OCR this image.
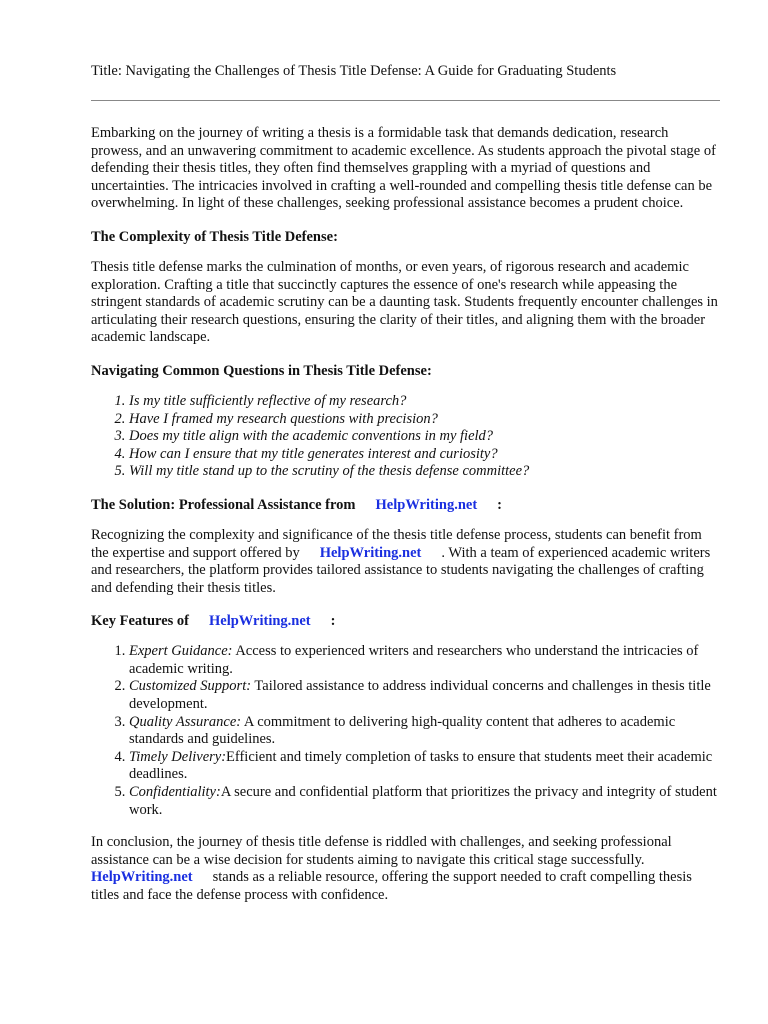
Title: Navigating the Challenges of Thesis Title Defense: A Guide for Graduating Students

Embarking on the journey of writing a thesis is a formidable task that demands dedication, research prowess, and an unwavering commitment to academic excellence. As students approach the pivotal stage of defending their thesis titles, they often find themselves grappling with a myriad of questions and uncertainties. The intricacies involved in crafting a well-rounded and compelling thesis title defense can be overwhelming. In light of these challenges, seeking professional assistance becomes a prudent choice.

The Complexity of Thesis Title Defense:

Thesis title defense marks the culmination of months, or even years, of rigorous research and academic exploration. Crafting a title that succinctly captures the essence of one's research while appeasing the stringent standards of academic scrutiny can be a daunting task. Students frequently encounter challenges in articulating their research questions, ensuring the clarity of their titles, and aligning them with the broader academic landscape.

Navigating Common Questions in Thesis Title Defense:
1. Is my title sufficiently reflective of my research?
2. Have I framed my research questions with precision?
3. Does my title align with the academic conventions in my field?
4. How can I ensure that my title generates interest and curiosity?
5. Will my title stand up to the scrutiny of the thesis defense committee?
The Solution: Professional Assistance from HelpWriting.net :

Recognizing the complexity and significance of the thesis title defense process, students can benefit from the expertise and support offered by HelpWriting.net . With a team of experienced academic writers and researchers, the platform provides tailored assistance to students navigating the challenges of crafting and defending their thesis titles.

Key Features of HelpWriting.net :
1. Expert Guidance: Access to experienced writers and researchers who understand the intricacies of academic writing.
2. Customized Support: Tailored assistance to address individual concerns and challenges in thesis title development.
3. Quality Assurance: A commitment to delivering high-quality content that adheres to academic standards and guidelines.
4. Timely Delivery:Efficient and timely completion of tasks to ensure that students meet their academic deadlines.
5. Confidentiality:A secure and confidential platform that prioritizes the privacy and integrity of student work.

In conclusion, the journey of thesis title defense is riddled with challenges, and seeking professional assistance can be a wise decision for students aiming to navigate this critical stage successfully. HelpWriting.net stands as a reliable resource, offering the support needed to craft compelling thesis titles and face the defense process with confidence.
